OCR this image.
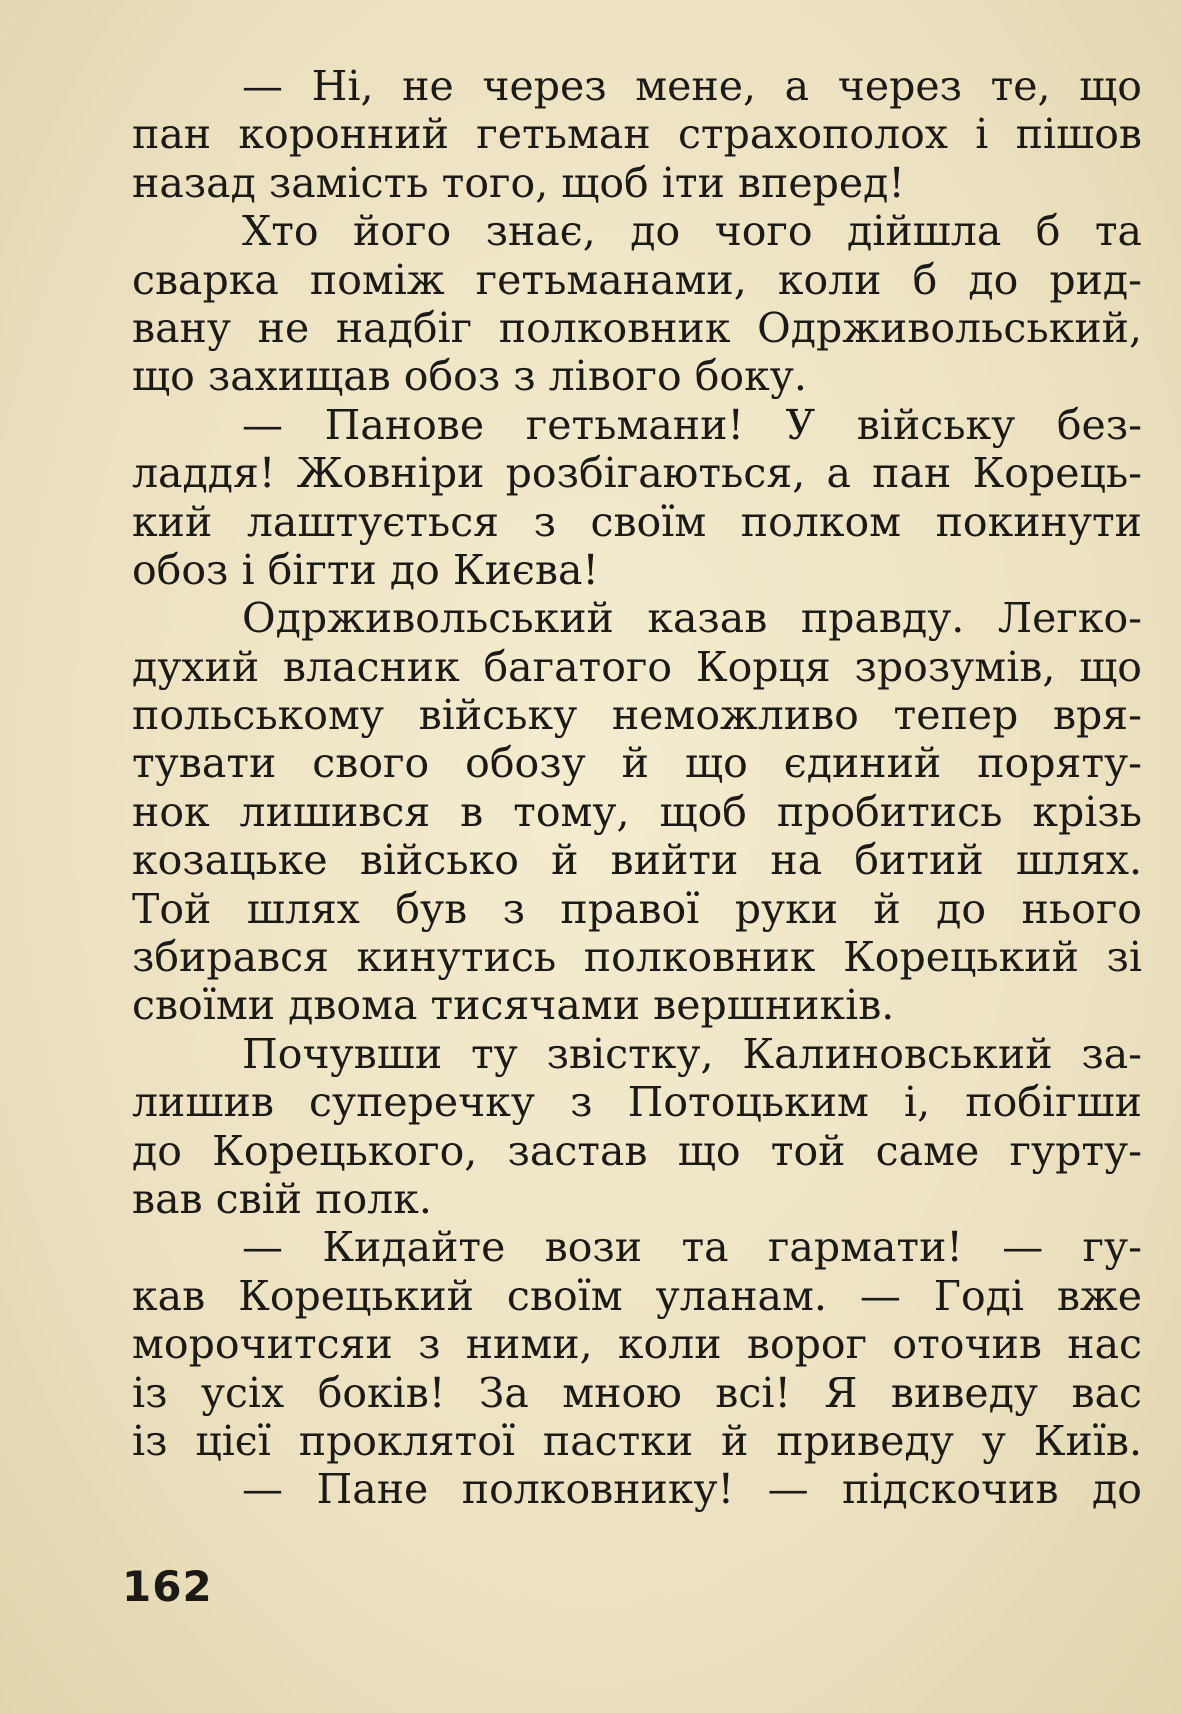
— Ні, не через мене, а через те, що
пан коронний гетьман страхополох і пішов
назад замість того, щоб іти вперед!
Хто його знає, до чого дійшла б та
сварка поміж гетьманами, коли б до рид-
вану не надбіг полковник Одрживольський,
що захищав обоз з лівого боку.
— Панове гетьмани! У війську без-
ладдя! Жовніри розбігаються, а пан Корець-
кий лаштується з своїм полком покинути
обоз і бігти до Києва!
Одрживольський казав правду. Легко-
духий власник багатого Корця зрозумів, що
польському війську неможливо тепер вря-
тувати свого обозу й що єдиний поряту-
нок лишився в тому, щоб пробитись крізь
козацьке військо й вийти на битий шлях.
Той шлях був з правої руки й до нього
збирався кинутись полковник Корецький зі
своїми двома тисячами вершників.
Почувши ту звістку, Калиновський за-
лишив суперечку з Потоцьким і, побігши
до Корецького, застав що той саме гурту-
вав свій полк.
— Кидайте вози та гармати! — гу-
кав Корецький своїм уланам. — Годі вже
морочитсяи з ними, коли ворог оточив нас
із усіх боків! За мною всі! Я виведу вас
із цієї проклятої пастки й приведу у Київ.
— Пане полковнику! — підскочив до
162
